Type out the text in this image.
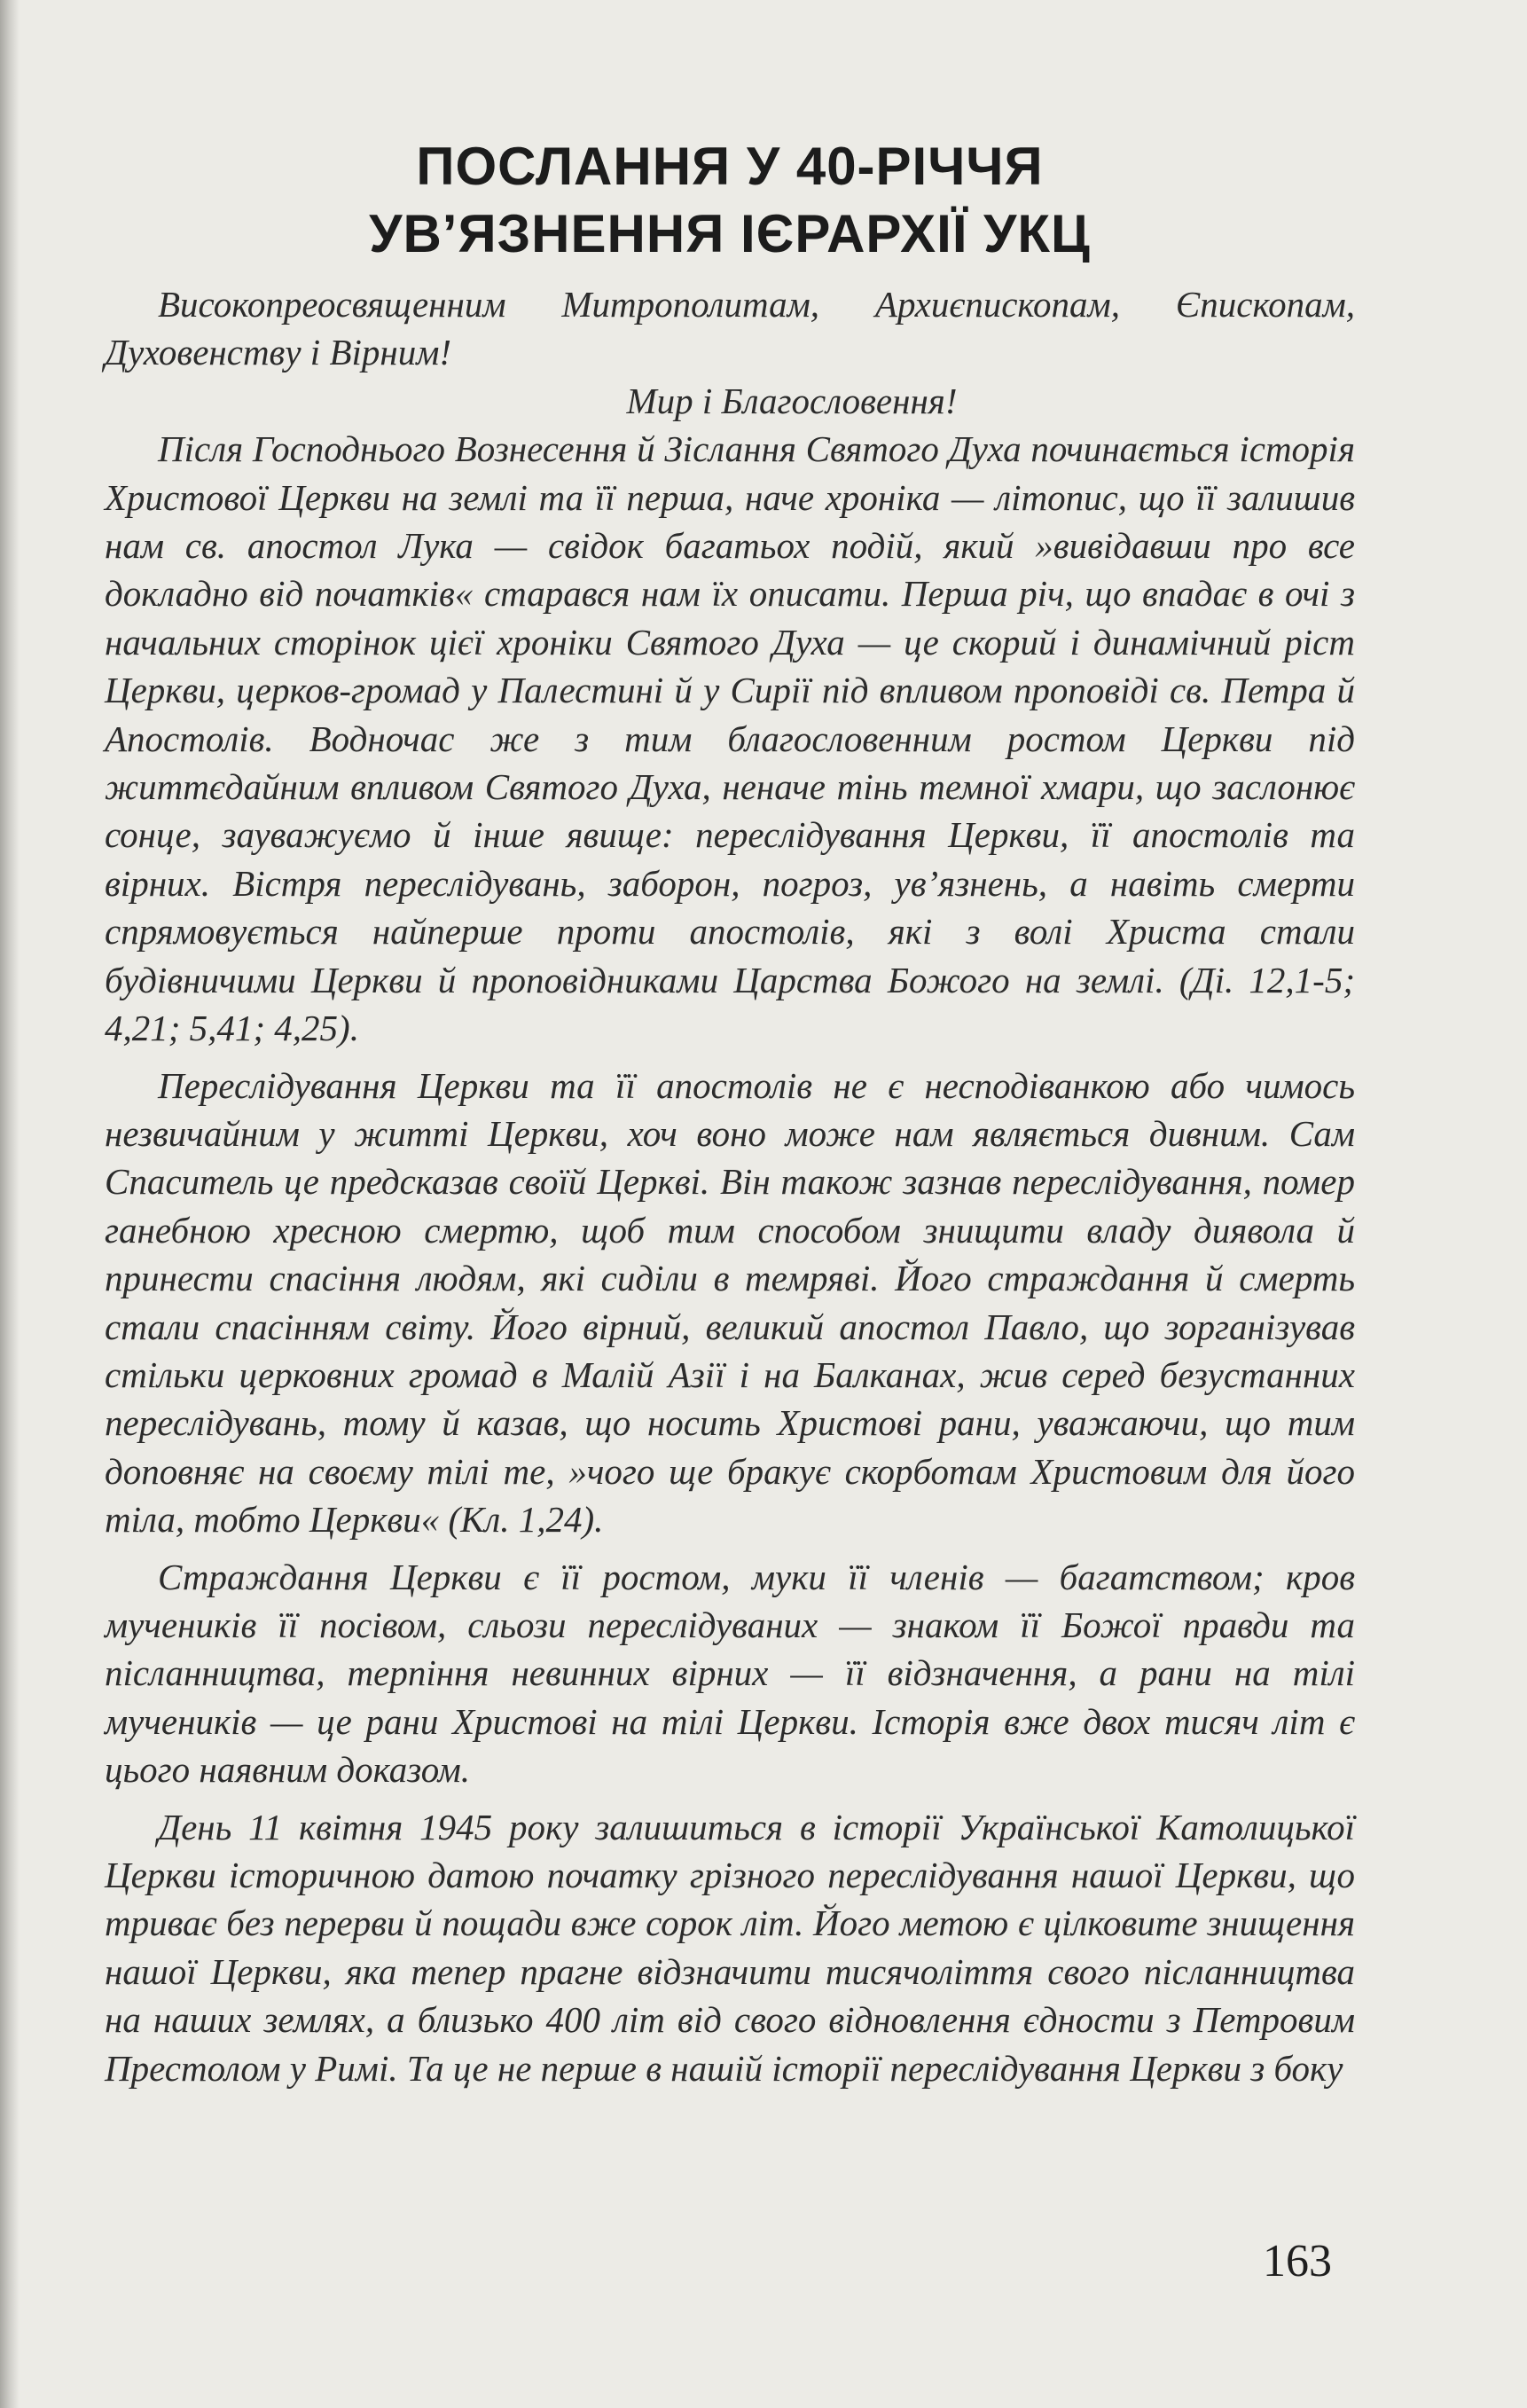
ПОСЛАННЯ У 40-РІЧЧЯ
УВ’ЯЗНЕННЯ ІЄРАРХІЇ УКЦ

Високопреосвященним Митрополитам, Архиєпископам, Єпископам, Духовенству і Вірним!

Мир і Благословення!

Після Господнього Вознесення й Зіслання Святого Духа починається історія Христової Церкви на землі та її перша, наче хроніка — літопис, що її залишив нам св. апостол Лука — свідок багатьох подій, який »вивідавши про все докладно від початків« старався нам їх описати. Перша річ, що впадає в очі з начальних сторінок цієї хроніки Святого Духа — це скорий і динамічний ріст Церкви, церков-громад у Палестині й у Сирії під впливом проповіді св. Петра й Апостолів. Водночас же з тим благословенним ростом Церкви під життєдайним впливом Святого Духа, неначе тінь темної хмари, що заслонює сонце, зауважуємо й інше явище: переслідування Церкви, її апостолів та вірних. Вістря переслідувань, заборон, погроз, ув’язнень, а навіть смерти спрямовується найперше проти апостолів, які з волі Христа стали будівничими Церкви й проповідниками Царства Божого на землі. (Ді. 12,1-5; 4,21; 5,41; 4,25).

Переслідування Церкви та її апостолів не є несподіванкою або чимось незвичайним у житті Церкви, хоч воно може нам являється дивним. Сам Спаситель це предсказав своїй Церкві. Він також зазнав переслідування, помер ганебною хресною смертю, щоб тим способом знищити владу диявола й принести спасіння людям, які сиділи в темряві. Його страждання й смерть стали спасінням світу. Його вірний, великий апостол Павло, що зорганізував стільки церковних громад в Малій Азії і на Балканах, жив серед безустанних переслідувань, тому й казав, що носить Христові рани, уважаючи, що тим доповняє на своєму тілі те, »чого ще бракує скорботам Христовим для його тіла, тобто Церкви« (Кл. 1,24).

Страждання Церкви є її ростом, муки її членів — багатством; кров мучеників її посівом, сльози переслідуваних — знаком її Божої правди та післанництва, терпіння невинних вірних — її відзначення, а рани на тілі мучеників — це рани Христові на тілі Церкви. Історія вже двох тисяч літ є цього наявним доказом.

День 11 квітня 1945 року залишиться в історії Української Католицької Церкви історичною датою початку грізного переслідування нашої Церкви, що триває без перерви й пощади вже сорок літ. Його метою є цілковите знищення нашої Церкви, яка тепер прагне відзначити тисячоліття свого післанництва на наших землях, а близько 400 літ від свого відновлення єдности з Петровим Престолом у Римі. Та це не перше в нашій історії переслідування Церкви з боку

163
